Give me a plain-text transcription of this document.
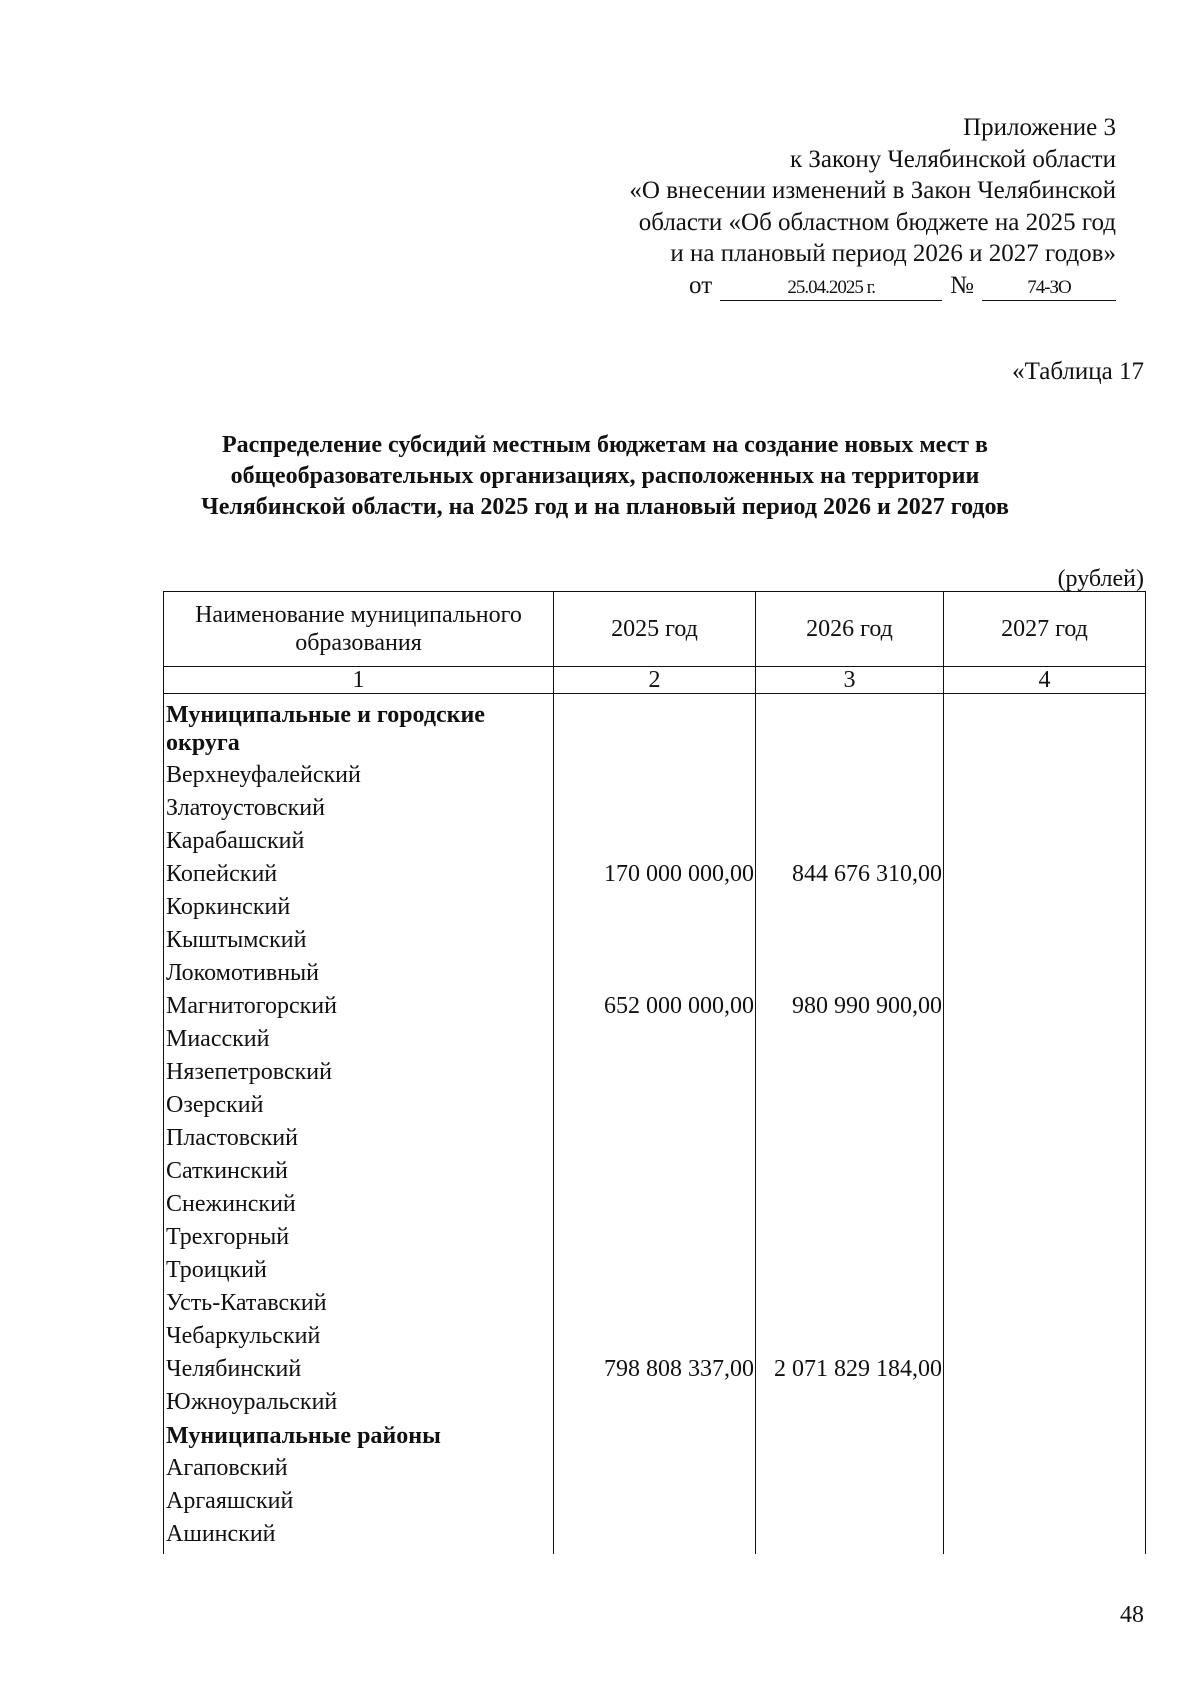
Приложение 3
к Закону Челябинской области
«О внесении изменений в Закон Челябинской
области «Об областном бюджете на 2025 год
и на плановый период 2026 и 2027 годов»
от	25.04.2025 г.	№	74-ЗО
«Таблица 17
Распределение субсидий местным бюджетам на создание новых мест в
общеобразовательных организациях, расположенных на территории
Челябинской области, на 2025 год и на плановый период 2026 и 2027 годов
(рублей)
Наименование муниципального образования	2025 год	2026 год	2027 год
1	2	3	4

Муниципальные и городские округа			
Верхнеуфалейский			
Златоустовский			
Карабашский			
Копейский	170 000 000,00	844 676 310,00	
Коркинский			
Кыштымский			
Локомотивный			
Магнитогорский	652 000 000,00	980 990 900,00	
Миасский			
Нязепетровский			
Озерский			
Пластовский			
Саткинский			
Снежинский			
Трехгорный			
Троицкий			
Усть-Катавский			
Чебаркульский			
Челябинский	798 808 337,00	2 071 829 184,00	
Южноуральский			
Муниципальные районы			
Агаповский			
Аргаяшский			
Ашинский			
48
